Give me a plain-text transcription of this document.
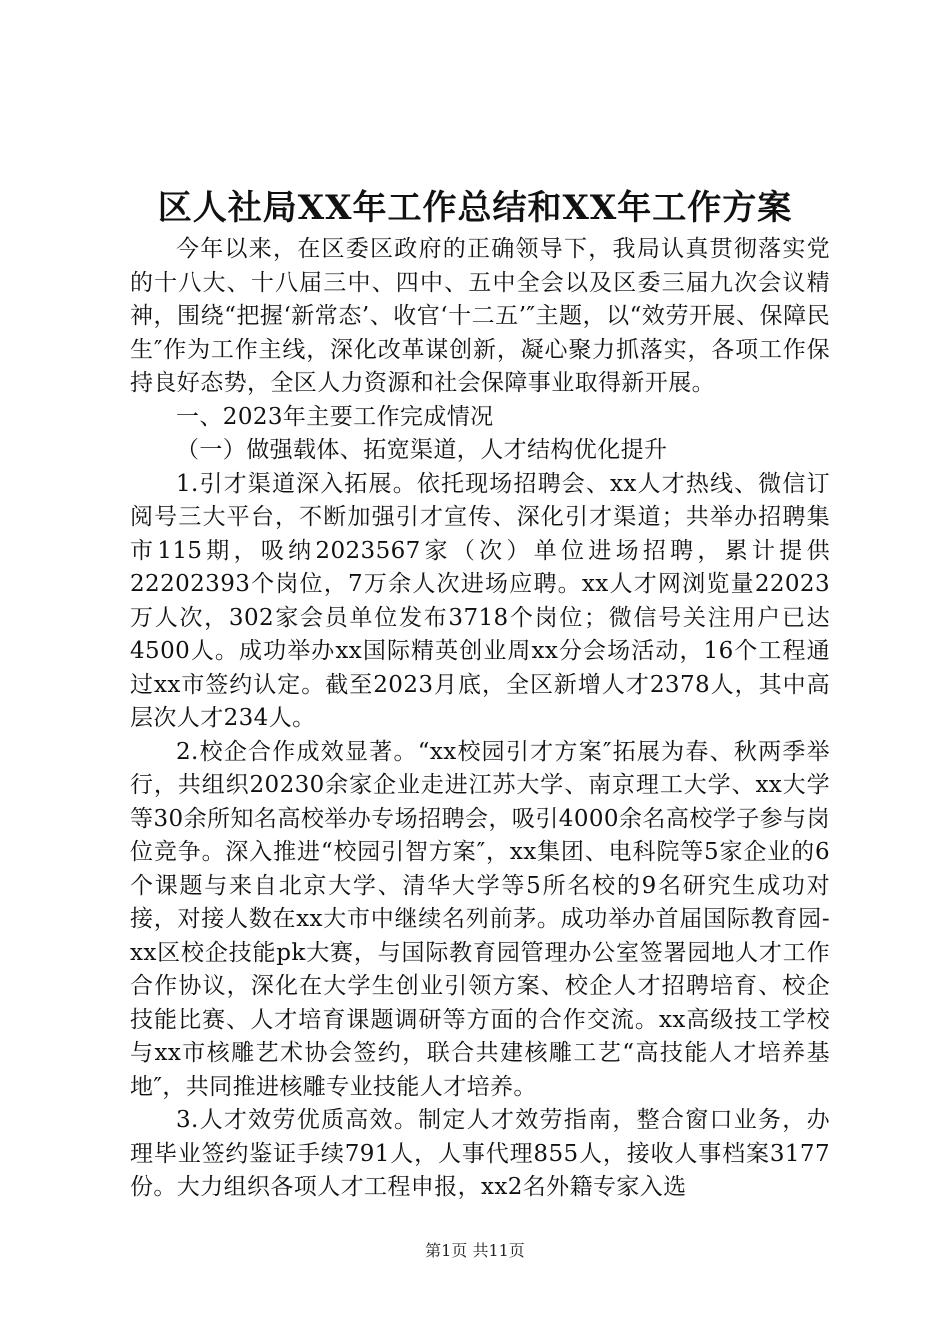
区人社局XX年工作总结和XX年工作方案

今年以来，在区委区政府的正确领导下，我局认真贯彻落实党的十八大、十八届三中、四中、五中全会以及区委三届九次会议精神，围绕“把握‘新常态’、收官‘十二五’″主题，以“效劳开展、保障民生″作为工作主线，深化改革谋创新，凝心聚力抓落实，各项工作保持良好态势，全区人力资源和社会保障事业取得新开展。

一、2023年主要工作完成情况

（一）做强载体、拓宽渠道，人才结构优化提升

1.引才渠道深入拓展。依托现场招聘会、xx人才热线、微信订阅号三大平台，不断加强引才宣传、深化引才渠道；共举办招聘集市115期，吸纳2023567家（次）单位进场招聘，累计提供22202393个岗位，7万余人次进场应聘。xx人才网浏览量22023万人次，302家会员单位发布3718个岗位；微信号关注用户已达4500人。成功举办xx国际精英创业周xx分会场活动，16个工程通过xx市签约认定。截至2023月底，全区新增人才2378人，其中高层次人才234人。

2.校企合作成效显著。“xx校园引才方案″拓展为春、秋两季举行，共组织20230余家企业走进江苏大学、南京理工大学、xx大学等30余所知名高校举办专场招聘会，吸引4000余名高校学子参与岗位竞争。深入推进“校园引智方案″，xx集团、电科院等5家企业的6个课题与来自北京大学、清华大学等5所名校的9名研究生成功对接，对接人数在xx大市中继续名列前茅。成功举办首届国际教育园-xx区校企技能pk大赛，与国际教育园管理办公室签署园地人才工作合作协议，深化在大学生创业引领方案、校企人才招聘培育、校企技能比赛、人才培育课题调研等方面的合作交流。xx高级技工学校与xx市核雕艺术协会签约，联合共建核雕工艺“高技能人才培养基地″，共同推进核雕专业技能人才培养。

3.人才效劳优质高效。制定人才效劳指南，整合窗口业务，办理毕业签约鉴证手续791人，人事代理855人，接收人事档案3177份。大力组织各项人才工程申报，xx2名外籍专家入选

第1页 共11页
